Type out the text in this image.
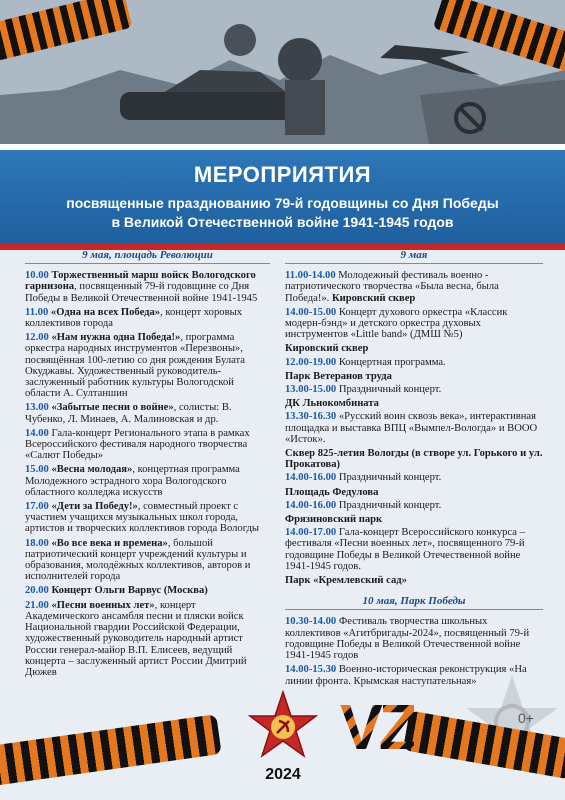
МЕРОПРИЯТИЯ

посвященные празднованию 79-й годовщины со Дня Победы
в Великой Отечественной войне 1941-1945 годов

9 мая, площадь Революции
10.00 Торжественный марш войск Вологодского гарнизона, посвященный 79-й годовщине со Дня Победы в Великой Отечественной войне 1941-1945
11.00 «Одна на всех Победа», концерт хоровых коллективов города
12.00 «Нам нужна одна Победа!», программа оркестра народных инструментов «Перезвоны», посвящённая 100-летию со дня рождения Булата Окуджавы. Художественный руководитель-заслуженный работник культуры Вологодской области А. Султаншин
13.00 «Забытые песни о войне», солисты: В. Чубенко, Л. Минаев, А. Малиновская и др.
14.00 Гала-концерт Регионального этапа в рамках Всероссийского фестиваля народного творчества «Салют Победы»
15.00 «Весна молодая», концертная программа Молодежного эстрадного хора Вологодского областного колледжа искусств
17.00 «Дети за Победу!», совместный проект с участием учащихся музыкальных школ города, артистов и творческих коллективов города Вологды
18.00 «Во все века и времена», большой патриотический концерт учреждений культуры и образования, молодёжных коллективов, авторов и исполнителей города
20.00 Концерт Ольги Варвус (Москва)
21.00 «Песни военных лет», концерт Академического ансамбля песни и пляски войск Национальной гвардии Российской Федерации, художественный руководитель народный артист России генерал-майор В.П. Елисеев, ведущий концерта – заслуженный артист России Дмитрий Дюжев
9 мая
11.00-14.00 Молодежный фестиваль военно - патриотического творчества «Была весна, была Победа!». Кировский сквер
14.00-15.00 Концерт духового оркестра «Классик модерн-бэнд» и детского оркестра духовых инструментов «Little band» (ДМШ №5)
Кировский сквер
12.00-19.00 Концертная программа.
Парк Ветеранов труда
13.00-15.00 Праздничный концерт.
ДК Льнокомбината
13.30-16.30 «Русский воин сквозь века», интерактивная площадка и выставка ВПЦ «Вымпел-Вологда» и ВООО «Исток».
Сквер 825-летия Вологды (в створе ул. Горького и ул. Прокатова)
14.00-16.00 Праздничный концерт.
Площадь Федулова
14.00-16.00 Праздничный концерт.
Фрязиновский парк
14.00-17.00 Гала-концерт Всероссийского конкурса – фестиваля «Песни военных лет», посвященного 79-й годовщине Победы в Великой Отечественной войне 1941-1945 годов.
Парк «Кремлевский сад»
10 мая, Парк Победы
10.30-14.00 Фестиваль творчества школьных коллективов «Агитбригады-2024», посвященный 79-й годовщине Победы в Великой Отечественной войне 1941-1945 годов
14.00-15.30 Военно-историческая реконструкция «На линии фронта. Крымская наступательная»
0+
VZ
2024
